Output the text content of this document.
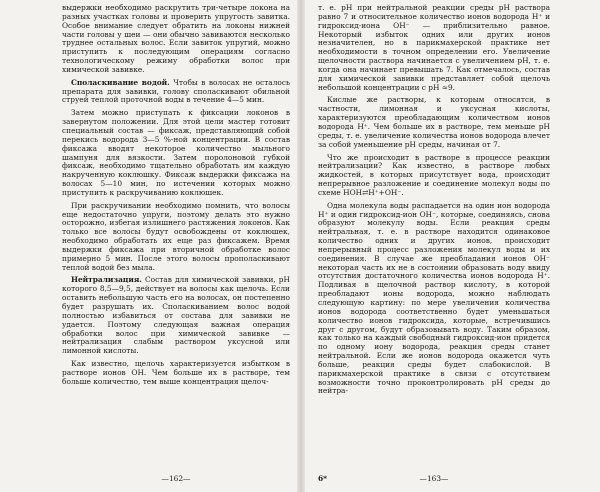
выдержки необходимо раскрутить три-четыре локона на разных участках головы и проверить упругость завитка. Особое внимание следует обратить на локоны нижней части головы у шеи — они обычно завиваются несколько труднее остальных волос. Если завиток упругий, можно приступить к последующим операциям согласно технологическому режиму обработки волос при химической завивке.

Споласкивание водой. Чтобы в волосах не осталось препарата для завивки, голову споласкивают обильной струей теплой проточной воды в течение 4—5 мин.

Затем можно приступать к фиксации локонов в завернутом положении. Для этой цели мастер готовит специальный состав — фиксаж, представляющий собой перекись водорода 3—5 %-ной концентрации. В состав фиксажа вводят некоторое количество мыльного шампуня для вязкости. Затем поролоновой губкой фиксаж, необходимо тщательно обработать им каждую накрученную коклюшку. Фиксаж выдержки фиксажа на волосах 5—10 мин, по истечении которых можно приступить к раскручиванию коклюшек.

При раскручивании необходимо помнить, что волосы еще недостаточно упруги, поэтому делать это нужно осторожно, избегая излишнего растяжения локонов. Как только все волосы будут освобождены от коклюшек, необходимо обработать их еще раз фиксажем. Время выдержки фиксажа при вторичной обработке волос примерно 5 мин. После этого волосы прополаскивают теплой водой без мыла.

Нейтрализация. Состав для химической завивки, pH которого 8,5—9,5, действует на волосы как щелочь. Если оставить небольшую часть его на волосах, он постепенно будет разрушать их. Споласкиванием волос водой полностью избавиться от состава для завивки не удается. Поэтому следующая важная операция обработки волос при химической завивке — нейтрализация слабым раствором уксусной или лимонной кислоты.

Как известно, щелочь характеризуется избытком в растворе ионов OH. Чем больше их в растворе, тем больше количество, тем выше концентрация щелоч-

—162—

т. е. pH при нейтральной реакции среды pH раствора равно 7 и относительное количество ионов водорода H⁺ и гидроксид-иона OH⁻ — приблизительно равное. Некоторый избыток одних или других ионов незначителен, но в парикмахерской практике нет необходимости в точном определении его. Увеличение щелочности раствора начинается с увеличением pH, т. е. когда она начинает превышать 7. Как отмечалось, состав для химической завивки представляет собой щелочь небольшой концентрации с pH ≈9.

Кислые же растворы, к которым относятся, в частности, лимонная и уксусная кислоты, характеризуются преобладающим количеством ионов водорода H⁺. Чем больше их в растворе, тем меньше pH среды, т. е. увеличение количества ионов водорода влечет за собой уменьшение pH среды, начиная от 7.

Что же происходит в растворе в процессе реакции нейтрализации? Как известно, в растворе любых жидкостей, в которых присутствует вода, происходит непрерывное разложение и соединение молекул воды по схеме HOH⇄H⁺+OH⁻.

Одна молекула воды распадается на один ион водорода H⁺ и один гидроксид-ион OH⁻, которые, соединяясь, снова образуют молекулу воды. Если реакция среды нейтральная, т. е. в растворе находится одинаковое количество одних и других ионов, происходит непрерывный процесс разложения молекул воды и их соединения. В случае же преобладания ионов OH⁻ некоторая часть их не в состоянии образовать воду ввиду отсутствия достаточного количества ионов водорода H⁺. Подливая в щелочной раствор кислоту, в которой преобладают ионы водорода, можно наблюдать следующую картину: по мере увеличения количества ионов водорода соответственно будет уменьшаться количество ионов гидроксида, которые, встречившись друг с другом, будут образовывать воду. Таким образом, как только на каждый свободный гидроксид-ион придется по одному иону водорода, реакция среды станет нейтральной. Если же ионов водорода окажется чуть больше, реакция среды будет слабокислой. В парикмахерской практике в связи с отсутствием возможности точно проконтролировать pH среды до нейтра-

6*	—163—
